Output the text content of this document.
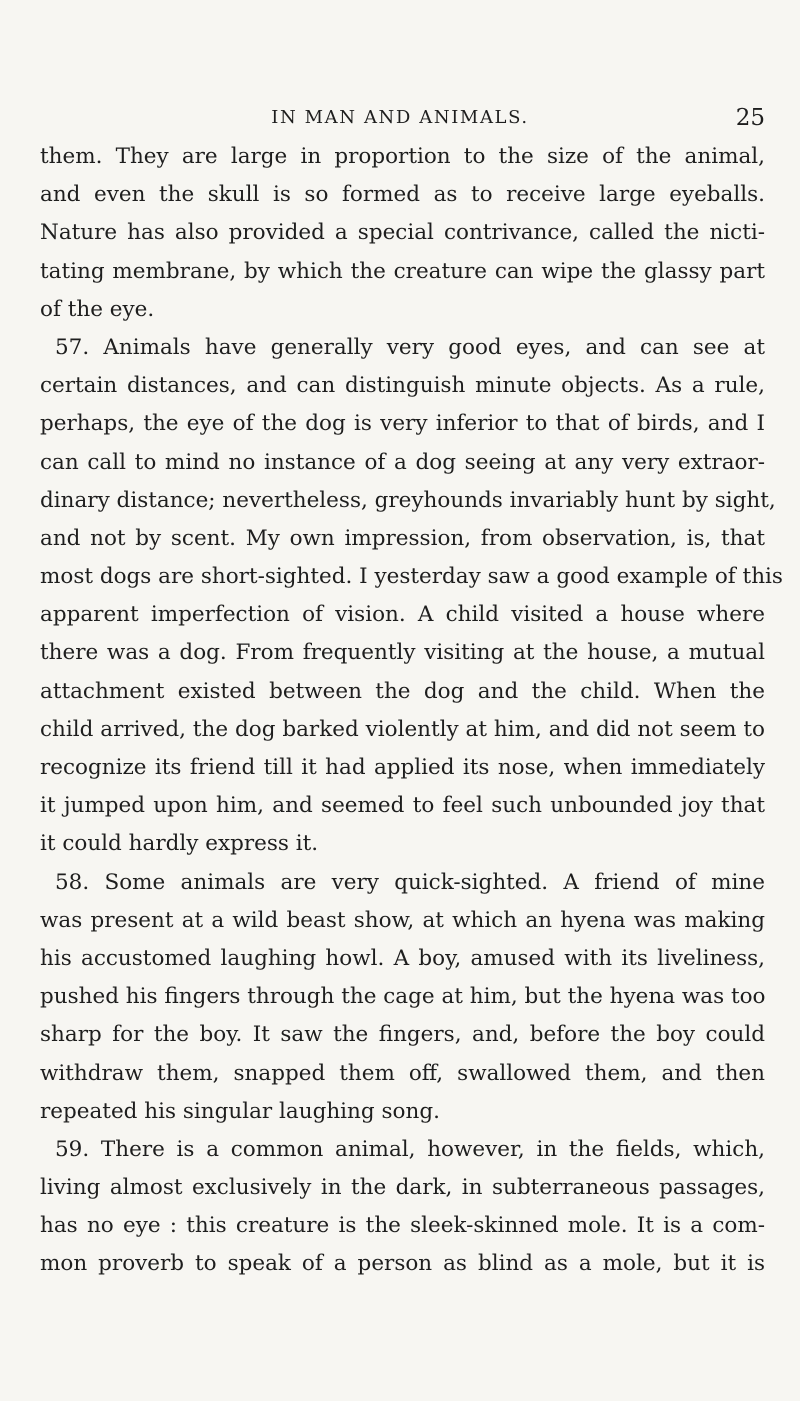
IN MAN AND ANIMALS.	25
them. They are large in proportion to the size of the animal,
and even the skull is so formed as to receive large eyeballs.
Nature has also provided a special contrivance, called the nicti-
tating membrane, by which the creature can wipe the glassy part
of the eye.
57. Animals have generally very good eyes, and can see at
certain distances, and can distinguish minute objects. As a rule,
perhaps, the eye of the dog is very inferior to that of birds, and I
can call to mind no instance of a dog seeing at any very extraor-
dinary distance; nevertheless, greyhounds invariably hunt by sight,
and not by scent. My own impression, from observation, is, that
most dogs are short-sighted. I yesterday saw a good example of this
apparent imperfection of vision. A child visited a house where
there was a dog. From frequently visiting at the house, a mutual
attachment existed between the dog and the child. When the
child arrived, the dog barked violently at him, and did not seem to
recognize its friend till it had applied its nose, when immediately
it jumped upon him, and seemed to feel such unbounded joy that
it could hardly express it.
58. Some animals are very quick-sighted. A friend of mine
was present at a wild beast show, at which an hyena was making
his accustomed laughing howl. A boy, amused with its liveliness,
pushed his fingers through the cage at him, but the hyena was too
sharp for the boy. It saw the fingers, and, before the boy could
withdraw them, snapped them off, swallowed them, and then
repeated his singular laughing song.
59. There is a common animal, however, in the fields, which,
living almost exclusively in the dark, in subterraneous passages,
has no eye : this creature is the sleek-skinned mole. It is a com-
mon proverb to speak of a person as blind as a mole, but it is
